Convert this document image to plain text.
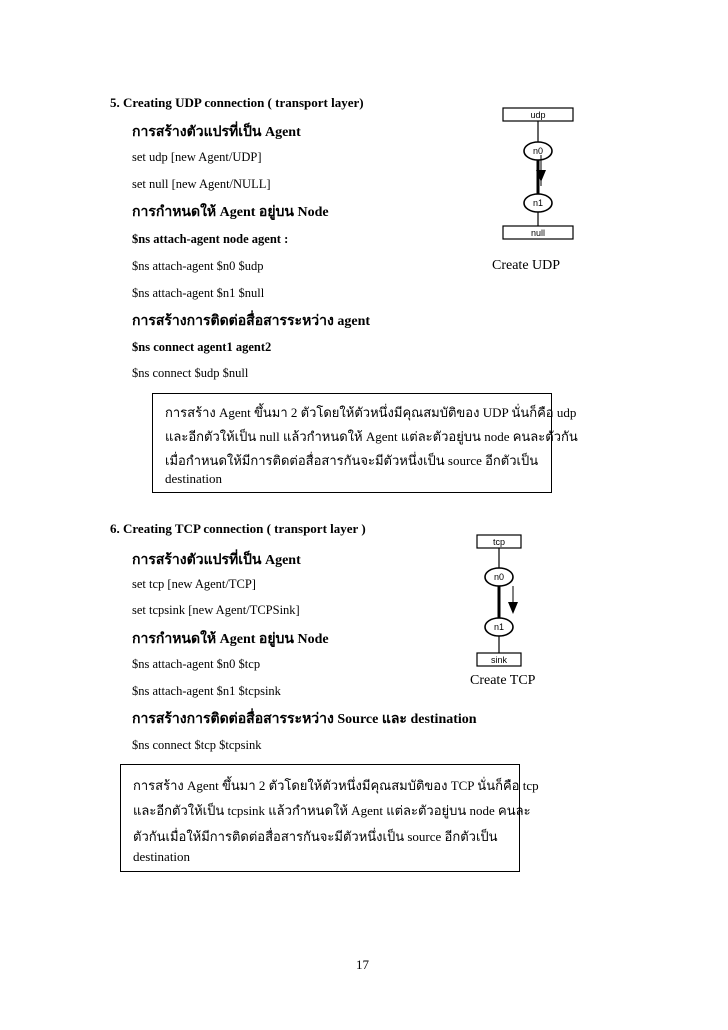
5. Creating UDP connection ( transport layer)
การสร้างตัวแปรที่เป็น Agent
set udp [new Agent/UDP]
set null [new Agent/NULL]
การกำหนดให้ Agent อยู่บน Node
$ns attach-agent node agent :
$ns attach-agent $n0 $udp
$ns attach-agent $n1 $null
การสร้างการติดต่อสื่อสารระหว่าง agent
$ns connect agent1 agent2
$ns connect $udp $null
การสร้าง Agent ขึ้นมา 2 ตัวโดยให้ตัวหนึ่งมีคุณสมบัติของ UDP นั่นก็คือ udp
และอีกตัวให้เป็น null แล้วกำหนดให้ Agent แต่ละตัวอยู่บน node คนละตัวกัน
เมื่อกำหนดให้มีการติดต่อสื่อสารกันจะมีตัวหนึ่งเป็น source อีกตัวเป็น
destination
udp
n0
n1
null
Create UDP
6. Creating TCP connection ( transport layer )
การสร้างตัวแปรที่เป็น Agent
set tcp [new Agent/TCP]
set tcpsink [new Agent/TCPSink]
การกำหนดให้ Agent อยู่บน Node
$ns attach-agent $n0 $tcp
$ns attach-agent $n1 $tcpsink
การสร้างการติดต่อสื่อสารระหว่าง Source และ destination
$ns connect $tcp $tcpsink
การสร้าง Agent ขึ้นมา 2 ตัวโดยให้ตัวหนึ่งมีคุณสมบัติของ TCP นั่นก็คือ tcp
และอีกตัวให้เป็น tcpsink แล้วกำหนดให้ Agent แต่ละตัวอยู่บน node คนละ
ตัวกันเมื่อให้มีการติดต่อสื่อสารกันจะมีตัวหนึ่งเป็น source อีกตัวเป็น
destination
tcp
n0
n1
sink
Create TCP
17
